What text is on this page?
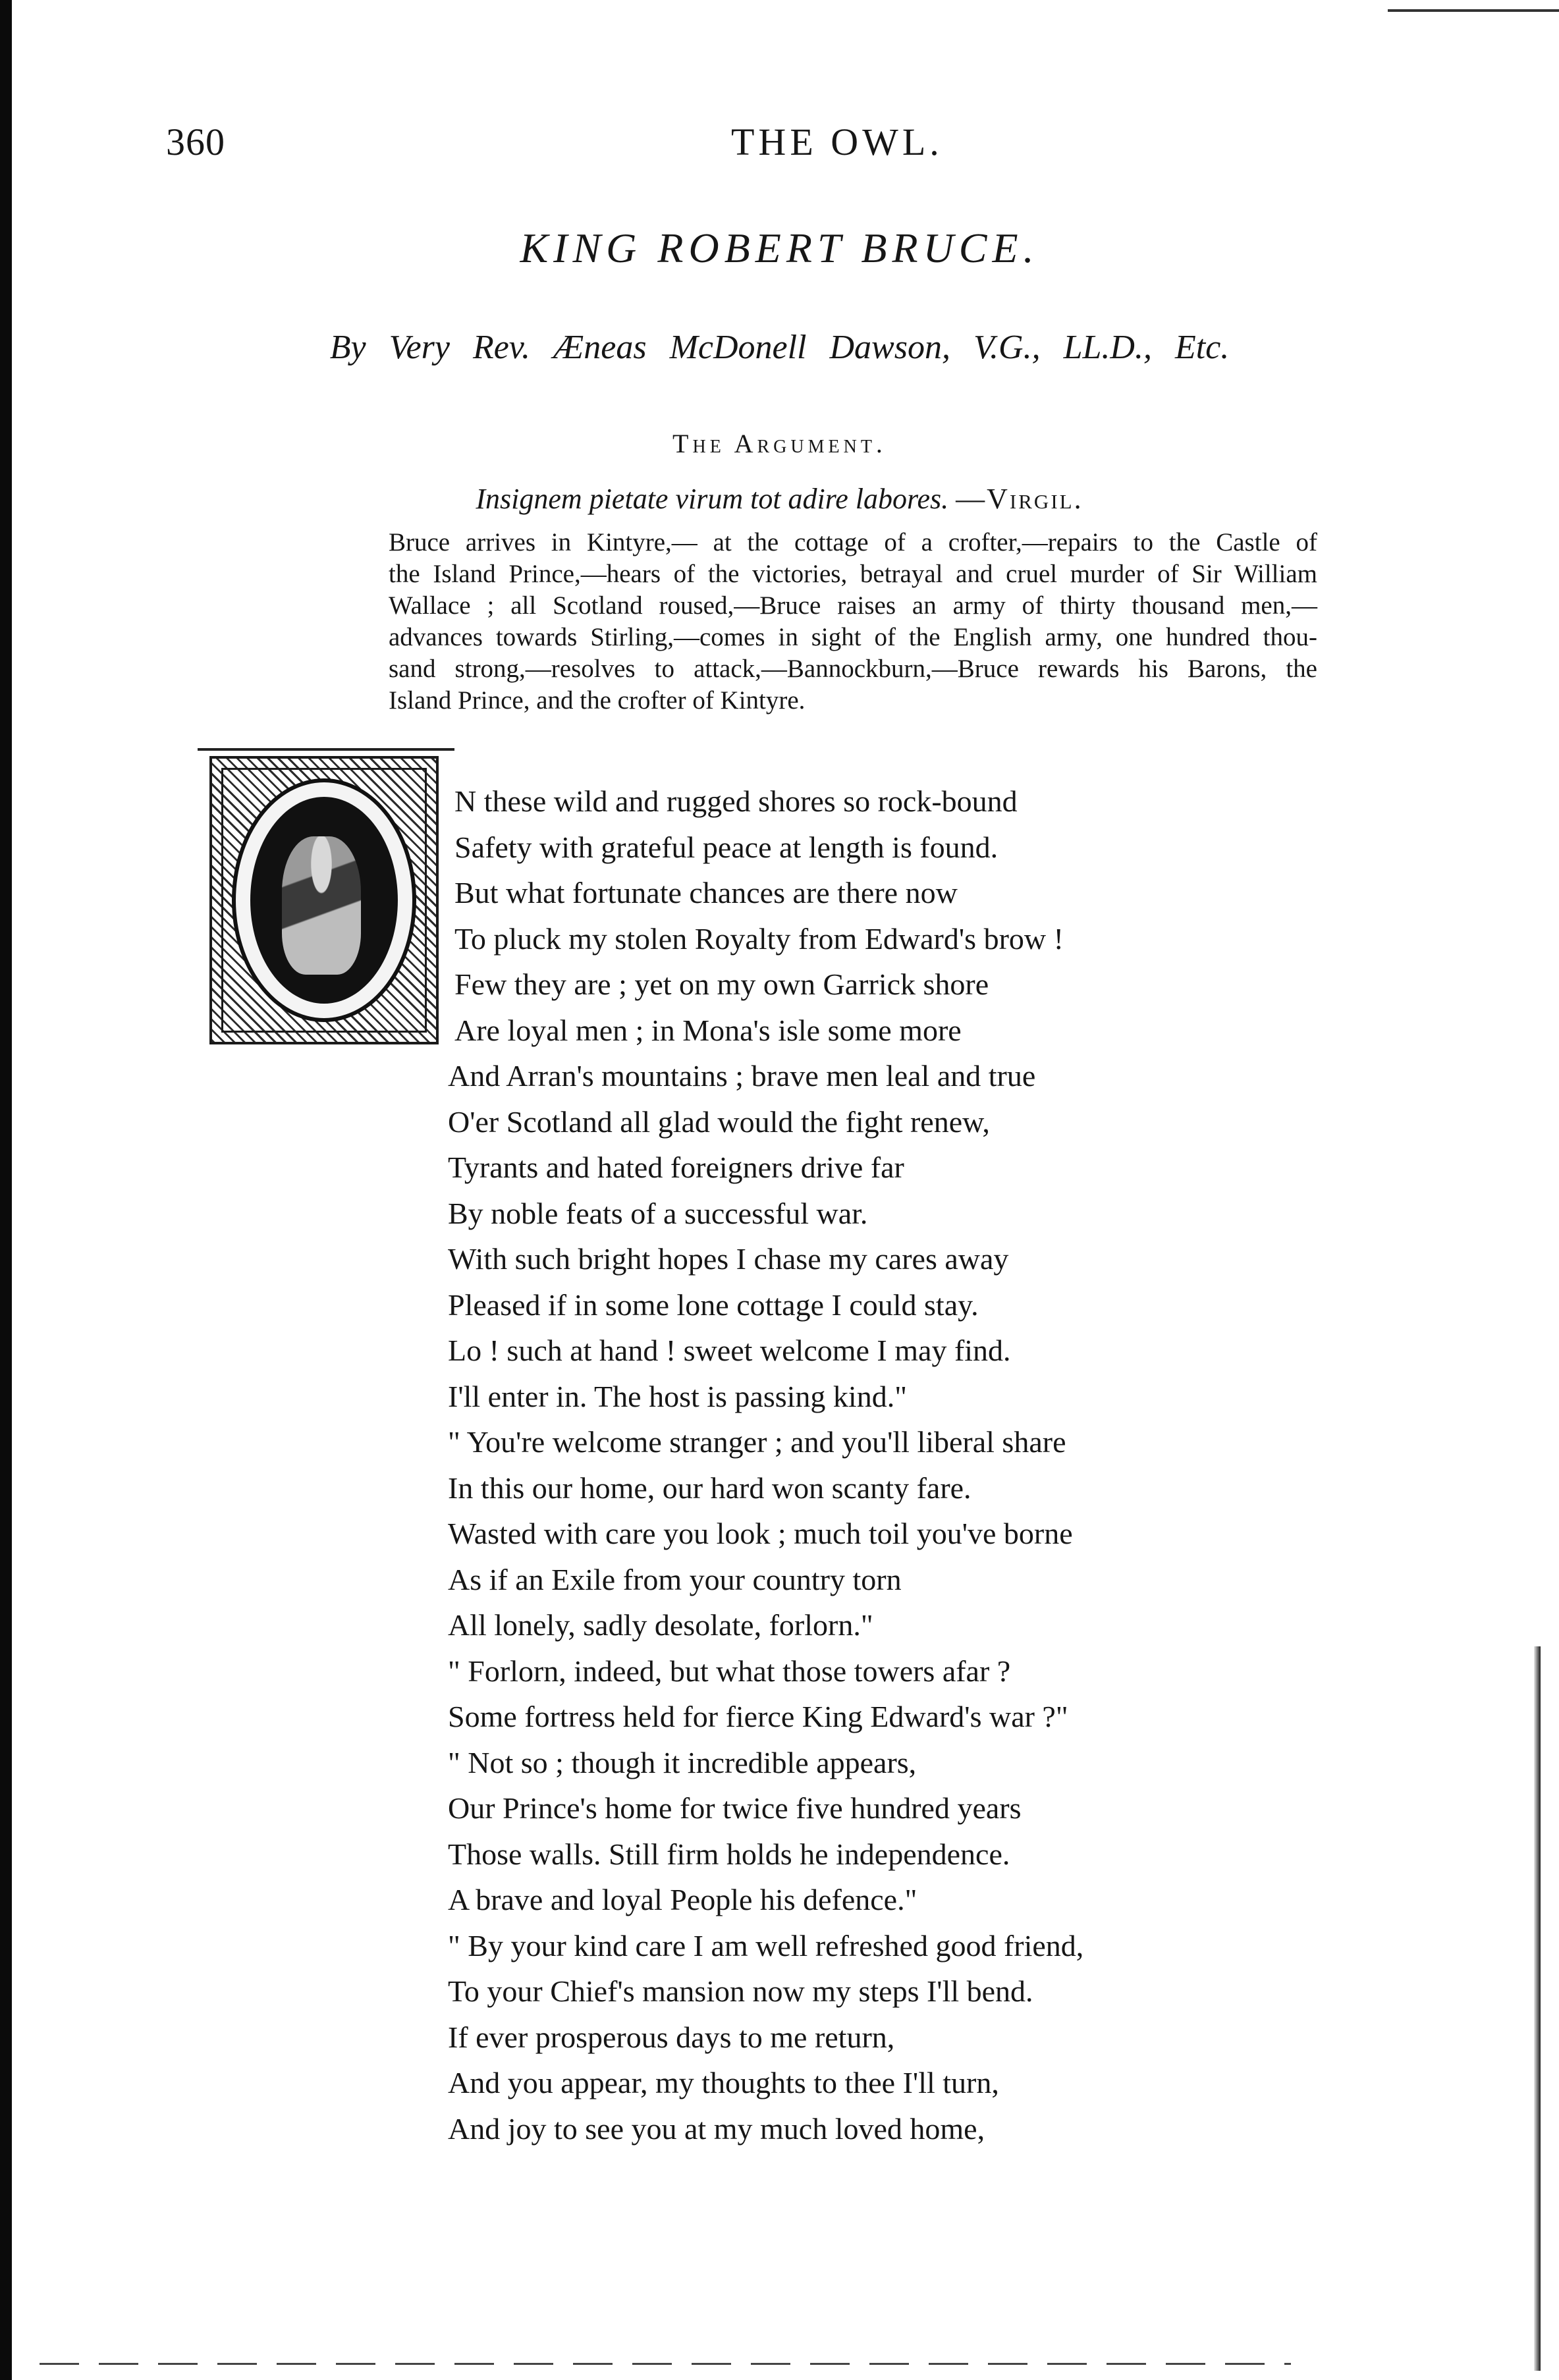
360	THE OWL.
KING ROBERT BRUCE.
By Very Rev. Æneas McDonell Dawson, V.G., LL.D., Etc.
The Argument.
Insignem pietate virum tot adire labores. —Virgil.
Bruce arrives in Kintyre,— at the cottage of a crofter,—repairs to the Castle of
the Island Prince,—hears of the victories, betrayal and cruel murder of Sir William
Wallace ; all Scotland roused,—Bruce raises an army of thirty thousand men,—
advances towards Stirling,—comes in sight of the English army, one hundred thou-
sand strong,—resolves to attack,—Bannockburn,—Bruce rewards his Barons, the
Island Prince, and the crofter of Kintyre.
N these wild and rugged shores so rock-bound
Safety with grateful peace at length is found.
But what fortunate chances are there now
To pluck my stolen Royalty from Edward's brow !
Few they are ; yet on my own Garrick shore
Are loyal men ; in Mona's isle some more
And Arran's mountains ; brave men leal and true
O'er Scotland all glad would the fight renew,
Tyrants and hated foreigners drive far
By noble feats of a successful war.
With such bright hopes I chase my cares away
Pleased if in some lone cottage I could stay.
Lo ! such at hand ! sweet welcome I may find.
I'll enter in. The host is passing kind."
" You're welcome stranger ; and you'll liberal share
In this our home, our hard won scanty fare.
Wasted with care you look ; much toil you've borne
As if an Exile from your country torn
All lonely, sadly desolate, forlorn."
" Forlorn, indeed, but what those towers afar ?
Some fortress held for fierce King Edward's war ?"
" Not so ; though it incredible appears,
Our Prince's home for twice five hundred years
Those walls. Still firm holds he independence.
A brave and loyal People his defence."
" By your kind care I am well refreshed good friend,
To your Chief's mansion now my steps I'll bend.
If ever prosperous days to me return,
And you appear, my thoughts to thee I'll turn,
And joy to see you at my much loved home,
